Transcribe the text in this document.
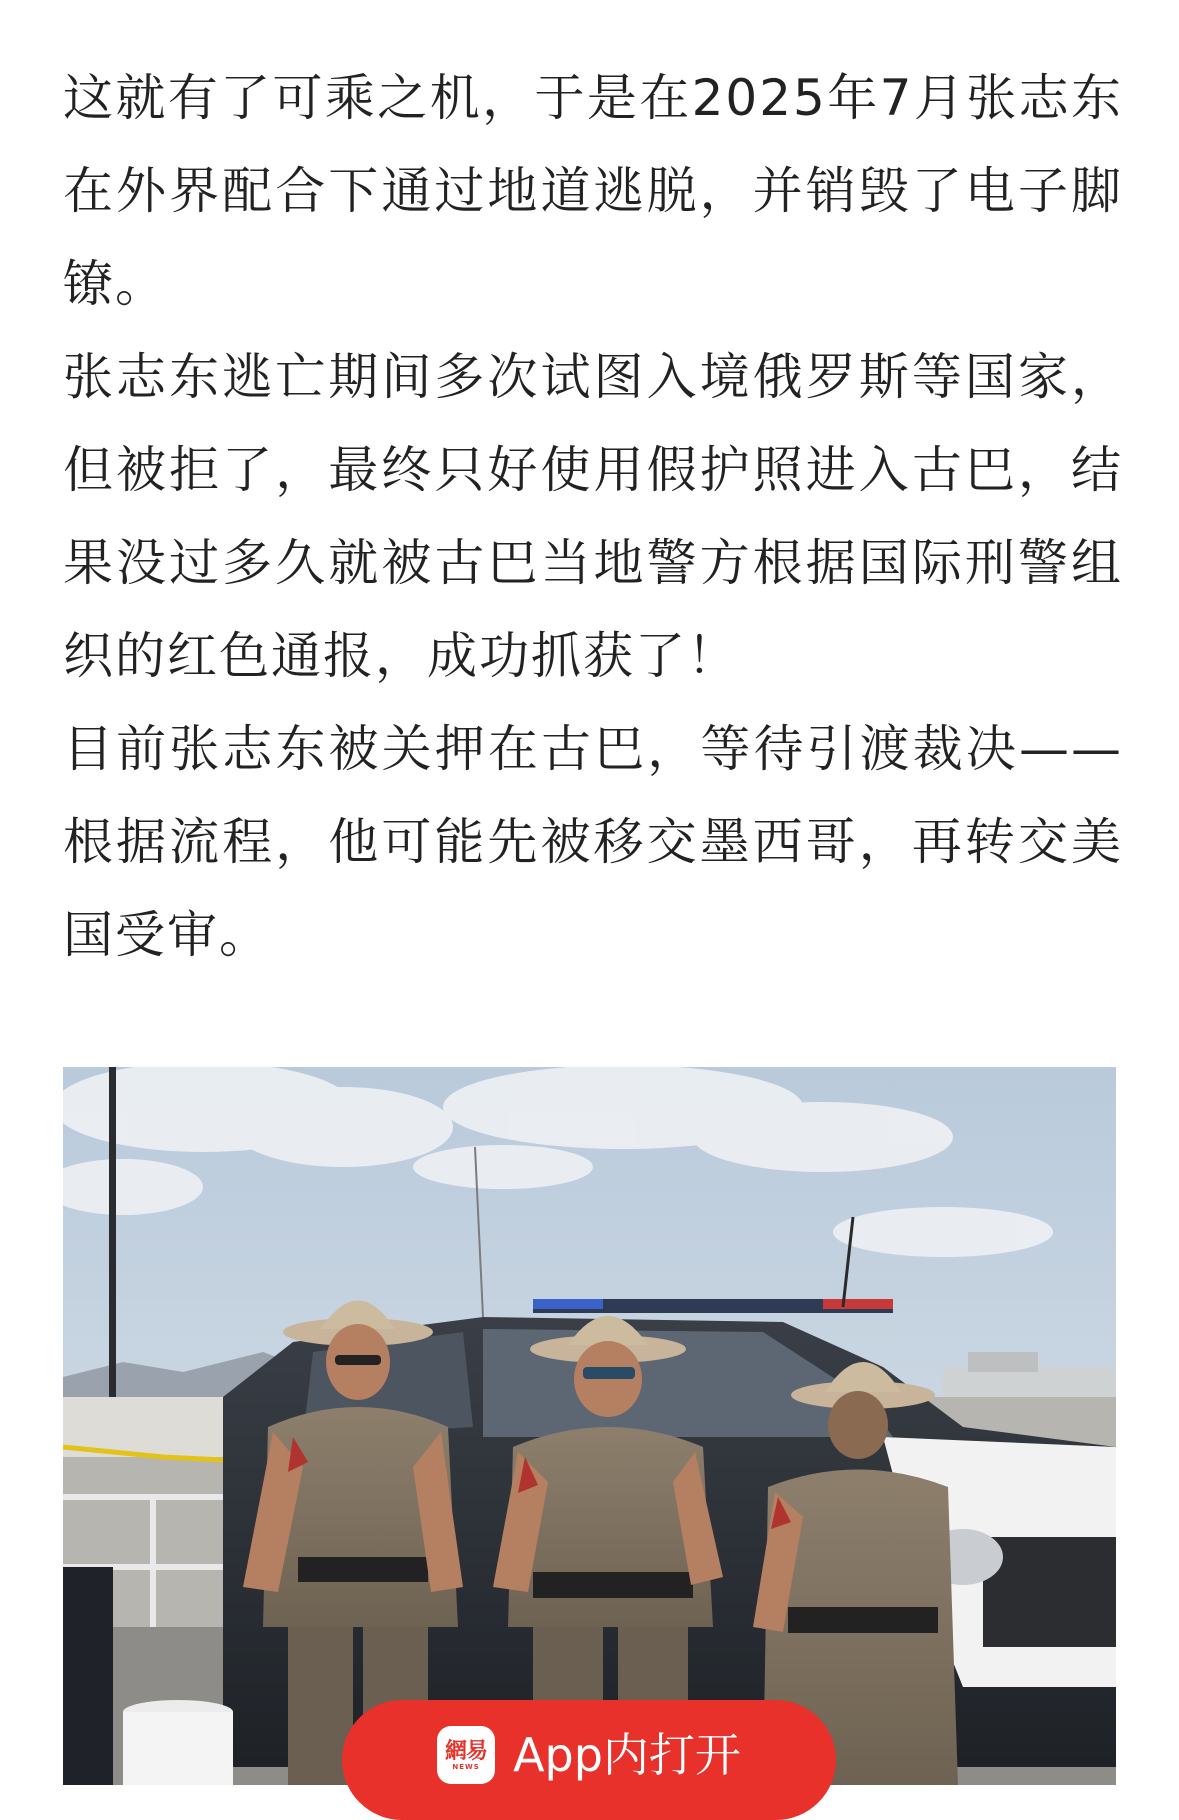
这就有了可乘之机，于是在2025年7月张志东在外界配合下通过地道逃脱，并销毁了电子脚镣。

张志东逃亡期间多次试图入境俄罗斯等国家，但被拒了，最终只好使用假护照进入古巴，结果没过多久就被古巴当地警方根据国际刑警组织的红色通报，成功抓获了！

目前张志东被关押在古巴，等待引渡裁决——根据流程，他可能先被移交墨西哥，再转交美国受审。

網易
NEWS App内打开
